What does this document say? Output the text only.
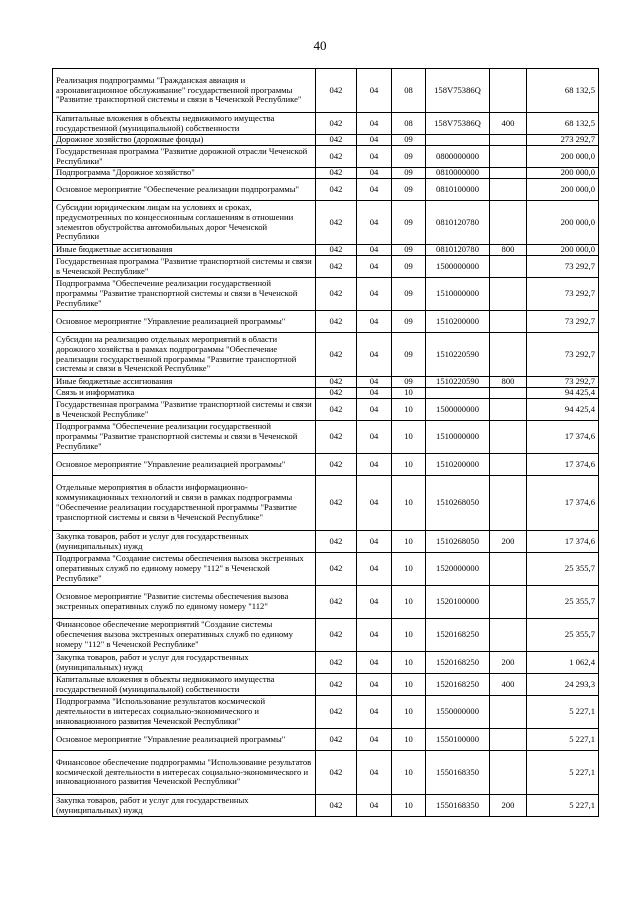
40
Реализация подпрограммы "Гражданская авиация и аэронавигационное обслуживание" государственной программы "Развитие транспортной системы и связи в Чеченской Республике"	042	04	08	158V75386Q		68 132,5
Капитальные вложения в объекты недвижимого имущества государственной (муниципальной) собственности	042	04	08	158V75386Q	400	68 132,5
Дорожное хозяйство (дорожные фонды)	042	04	09			273 292,7
Государственная программа "Развитие дорожной отрасли Чеченской Республики"	042	04	09	0800000000		200 000,0
Подпрограмма "Дорожное хозяйство"	042	04	09	0810000000		200 000,0
Основное мероприятие "Обеспечение реализации подпрограммы"	042	04	09	0810100000		200 000,0
Субсидии юридическим лицам на условиях и сроках, предусмотренных по концессионным соглашениям в отношении элементов обустройства автомобильных дорог Чеченской Республики	042	04	09	0810120780		200 000,0
Иные бюджетные ассигнования	042	04	09	0810120780	800	200 000,0
Государственная программа "Развитие транспортной системы и связи в Чеченской Республике"	042	04	09	1500000000		73 292,7
Подпрограмма "Обеспечение реализации государственной программы "Развитие транспортной системы и связи в Чеченской Республике"	042	04	09	1510000000		73 292,7
Основное мероприятие "Управление реализацией программы"	042	04	09	1510200000		73 292,7
Субсидии на реализацию отдельных мероприятий в области дорожного хозяйства в рамках подпрограммы "Обеспечение реализации государственной программы "Развитие транспортной системы и связи в Чеченской Республике"	042	04	09	1510220590		73 292,7
Иные бюджетные ассигнования	042	04	09	1510220590	800	73 292,7
Связь и информатика	042	04	10			94 425,4
Государственная программа "Развитие транспортной системы и связи в Чеченской Республике"	042	04	10	1500000000		94 425,4
Подпрограмма "Обеспечение реализации государственной программы "Развитие транспортной системы и связи в Чеченской Республике"	042	04	10	1510000000		17 374,6
Основное мероприятие "Управление реализацией программы"	042	04	10	1510200000		17 374,6
Отдельные мероприятия в области информационно-коммуникационных технологий и связи в рамках подпрограммы "Обеспечение реализации государственной программы "Развитие транспортной системы и связи в Чеченской Республике"	042	04	10	1510268050		17 374,6
Закупка товаров, работ и услуг для государственных (муниципальных) нужд	042	04	10	1510268050	200	17 374,6
Подпрограмма "Создание системы обеспечения вызова экстренных оперативных служб по единому номеру "112" в Чеченской Республике"	042	04	10	1520000000		25 355,7
Основное мероприятие "Развитие системы обеспечения вызова экстренных оперативных служб по единому номеру "112"	042	04	10	1520100000		25 355,7
Финансовое обеспечение мероприятий "Создание системы обеспечения вызова экстренных оперативных служб по единому номеру "112" в Чеченской Республике"	042	04	10	1520168250		25 355,7
Закупка товаров, работ и услуг для государственных (муниципальных) нужд	042	04	10	1520168250	200	1 062,4
Капитальные вложения в объекты недвижимого имущества государственной (муниципальной) собственности	042	04	10	1520168250	400	24 293,3
Подпрограмма "Использование результатов космической деятельности в интересах социально-экономического и инновационного развития Чеченской Республики"	042	04	10	1550000000		5 227,1
Основное мероприятие "Управление реализацией программы"	042	04	10	1550100000		5 227,1
Финансовое обеспечение подпрограммы "Использование результатов космической деятельности в интересах социально-экономического и инновационного развития Чеченской Республики"	042	04	10	1550168350		5 227,1
Закупка товаров, работ и услуг для государственных (муниципальных) нужд	042	04	10	1550168350	200	5 227,1
